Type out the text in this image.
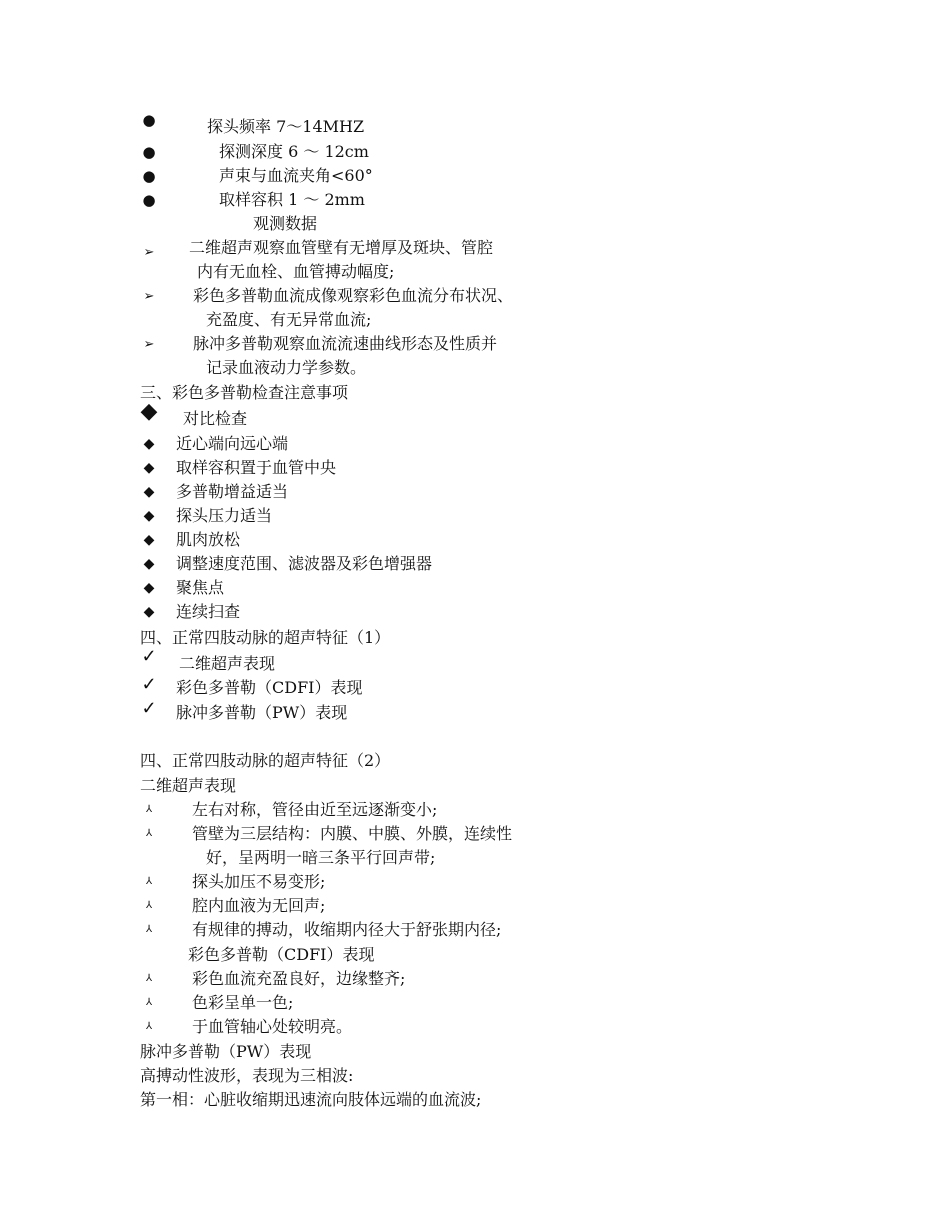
●	探头频率 7～14MHZ
●	探测深度 6 ～ 12cm
●	声束与血流夹角<60°
●	取样容积 1 ～ 2mm
观测数据
➢ 二维超声观察血管壁有无增厚及斑块、管腔
内有无血栓、血管搏动幅度;
➢ 彩色多普勒血流成像观察彩色血流分布状况、
充盈度、有无异常血流;
➢ 脉冲多普勒观察血流流速曲线形态及性质并
记录血液动力学参数。
三、彩色多普勒检查注意事项
◆ 对比检查
◆ 近心端向远心端
◆ 取样容积置于血管中央
◆ 多普勒增益适当
◆ 探头压力适当
◆ 肌肉放松
◆ 调整速度范围、滤波器及彩色增强器
◆ 聚焦点
◆ 连续扫查
四、正常四肢动脉的超声特征（1）
✓ 二维超声表现
✓ 彩色多普勒（CDFI）表现
✓ 脉冲多普勒（PW）表现
四、正常四肢动脉的超声特征（2）
二维超声表现
⅄	左右对称，管径由近至远逐渐变小;
⅄	管壁为三层结构：内膜、中膜、外膜，连续性
好，呈两明一暗三条平行回声带;
⅄	探头加压不易变形;
⅄	腔内血液为无回声;
⅄	有规律的搏动，收缩期内径大于舒张期内径;
彩色多普勒（CDFI）表现
⅄	彩色血流充盈良好，边缘整齐;
⅄	色彩呈单一色;
⅄	于血管轴心处较明亮。
脉冲多普勒（PW）表现
高搏动性波形，表现为三相波:
第一相：心脏收缩期迅速流向肢体远端的血流波;
